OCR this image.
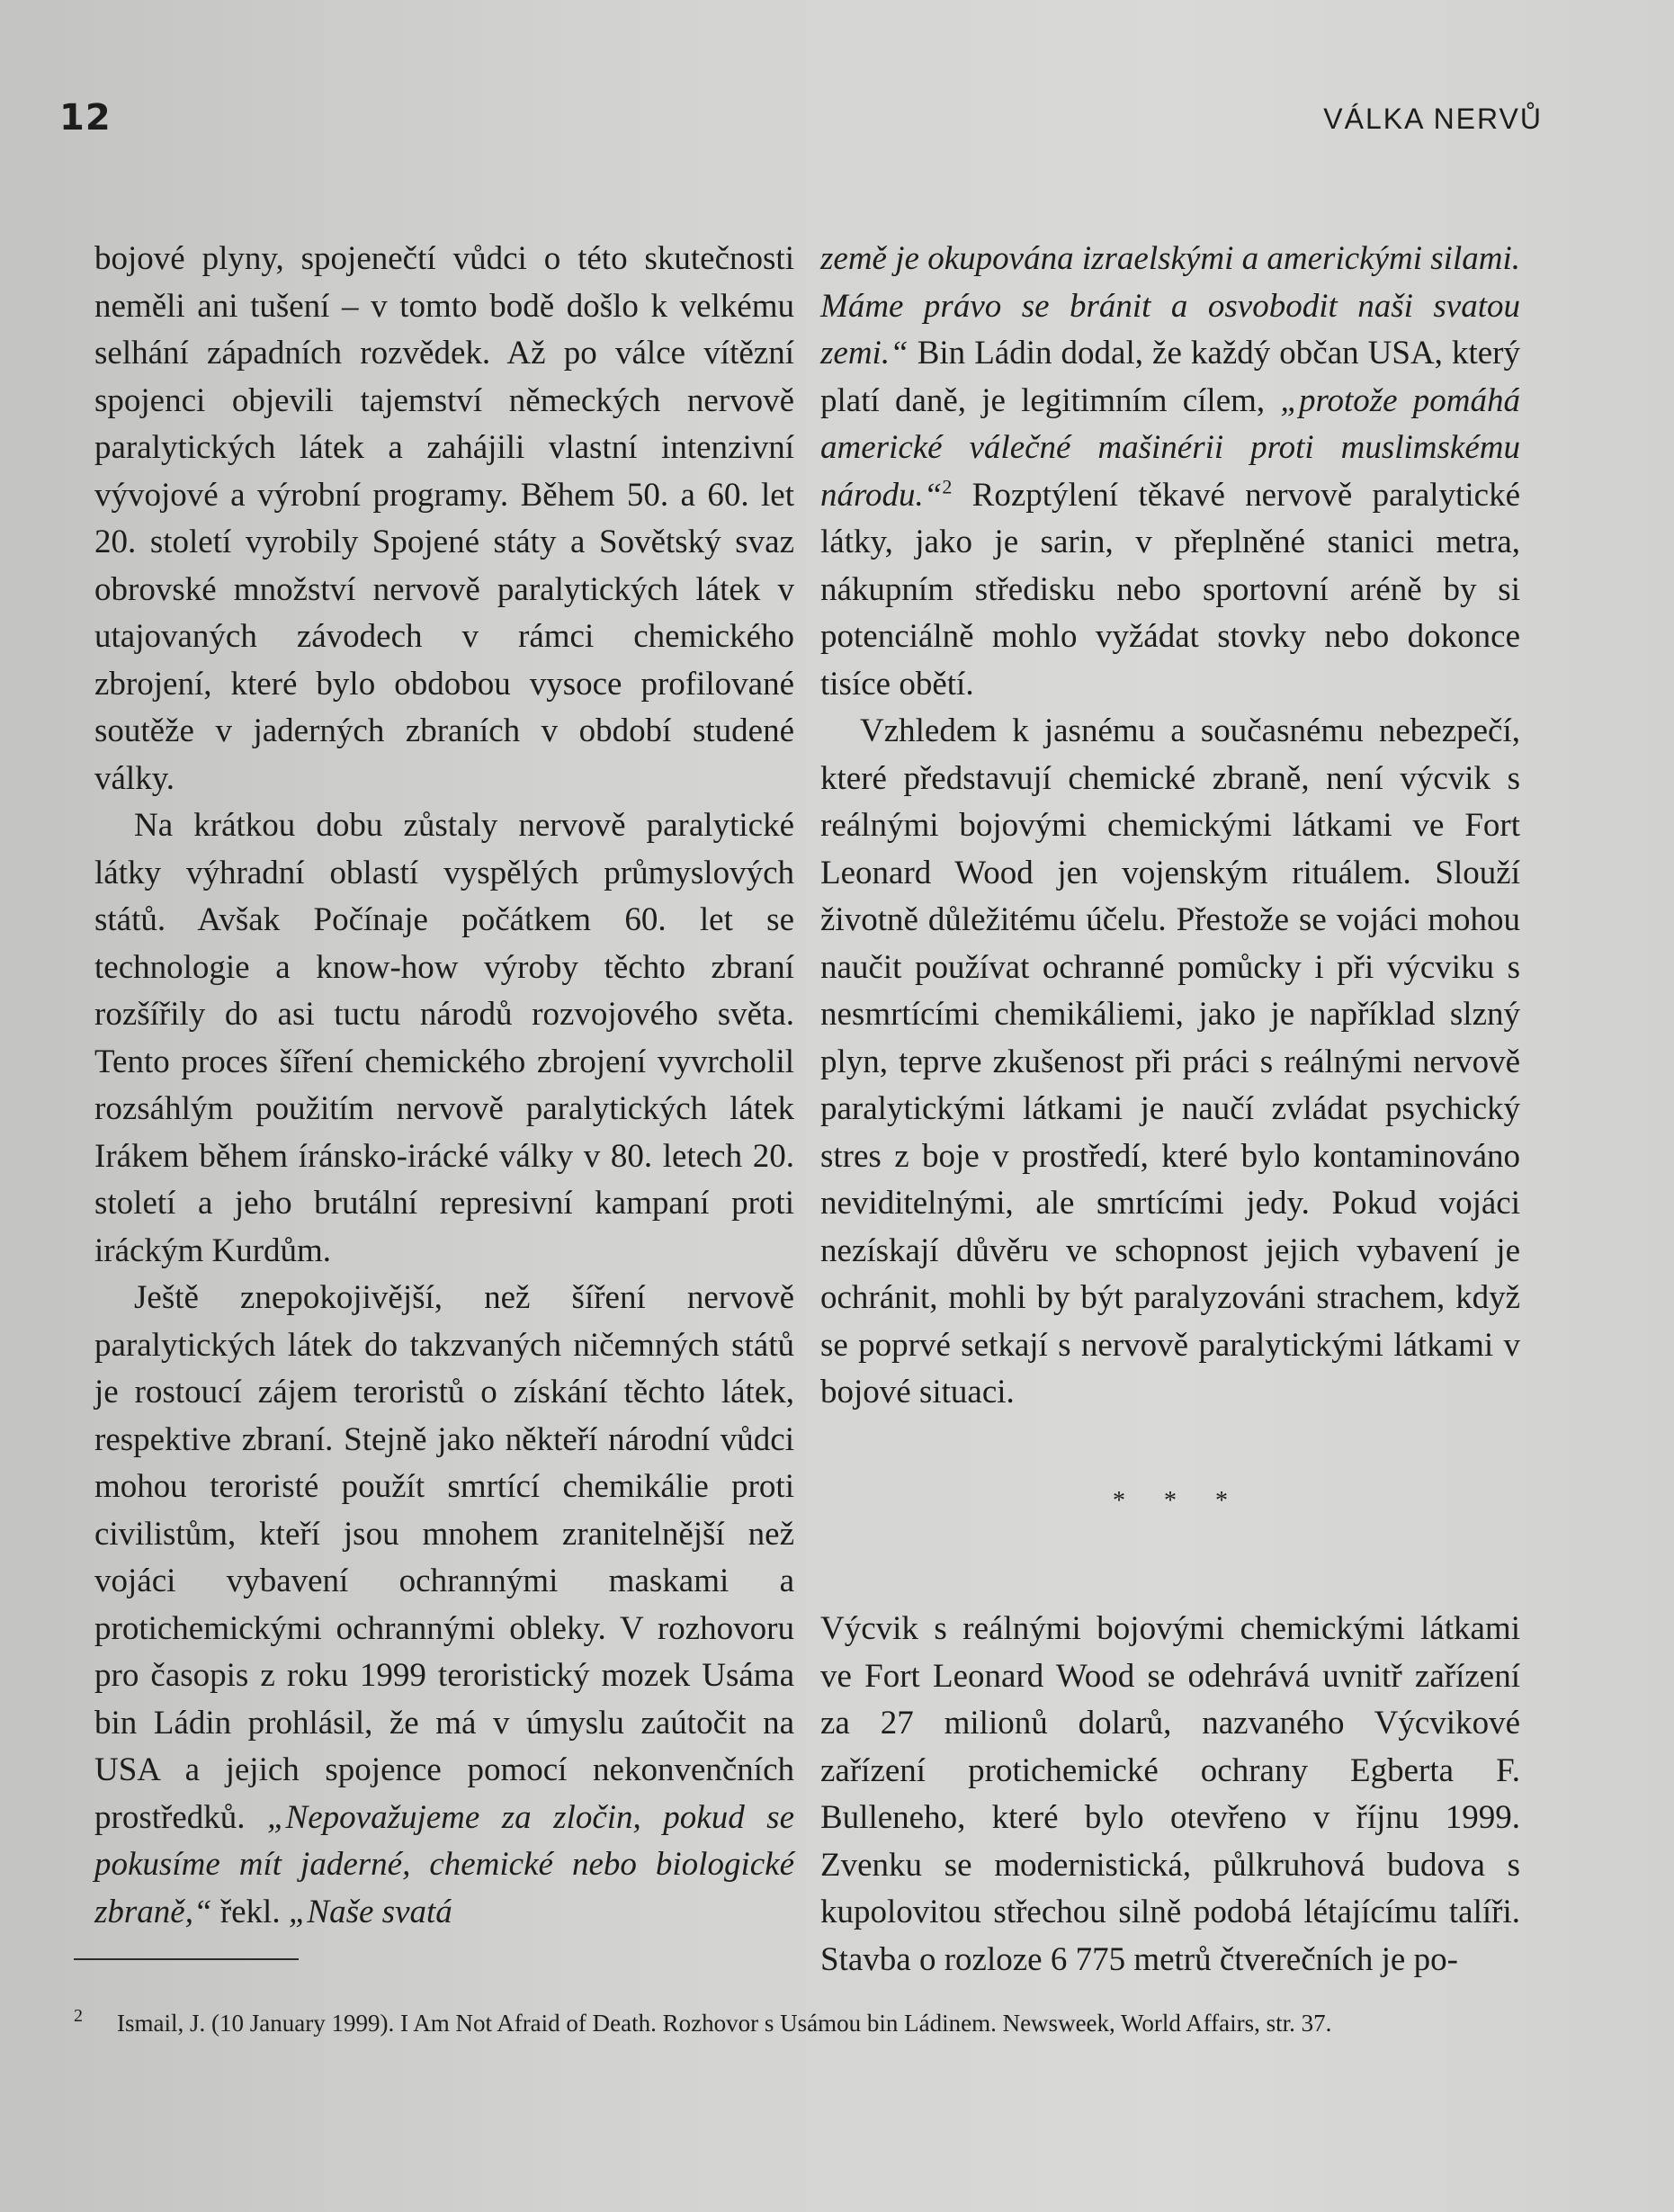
12	VÁLKA NERVŮ

bojové plyny, spojenečtí vůdci o této skutečnosti neměli ani tušení – v tomto bodě došlo k velkému selhání západních rozvědek. Až po válce vítězní spojenci objevili tajemství německých nervově paralytických látek a zahájili vlastní intenzivní vývojové a výrobní programy. Během 50. a 60. let 20. století vyrobily Spojené státy a Sovětský svaz obrovské množství nervově paralytických látek v utajovaných závodech v rámci chemického zbrojení, které bylo obdobou vysoce profilované soutěže v jaderných zbraních v období studené války.

Na krátkou dobu zůstaly nervově paralytické látky výhradní oblastí vyspělých průmyslových států. Avšak Počínaje počátkem 60. let se technologie a know-how výroby těchto zbraní rozšířily do asi tuctu národů rozvojového světa. Tento proces šíření chemického zbrojení vyvrcholil rozsáhlým použitím nervově paralytických látek Irákem během íránsko-irácké války v 80. letech 20. století a jeho brutální represivní kampaní proti iráckým Kurdům.

Ještě znepokojivější, než šíření nervově paralytických látek do takzvaných ničemných států je rostoucí zájem teroristů o získání těchto látek, respektive zbraní. Stejně jako někteří národní vůdci mohou teroristé použít smrtící chemikálie proti civilistům, kteří jsou mnohem zranitelnější než vojáci vybavení ochrannými maskami a protichemickými ochrannými obleky. V rozhovoru pro časopis z roku 1999 teroristický mozek Usáma bin Ládin prohlásil, že má v úmyslu zaútočit na USA a jejich spojence pomocí nekonvenčních prostředků. „Nepovažujeme za zločin, pokud se pokusíme mít jaderné, chemické nebo biologické zbraně,“ řekl. „Naše svatá

země je okupována izraelskými a americkými silami. Máme právo se bránit a osvobodit naši svatou zemi.“ Bin Ládin dodal, že každý občan USA, který platí daně, je legitimním cílem, „protože pomáhá americké válečné mašinérii proti muslimskému národu.“$^2$ Rozptýlení těkavé nervově paralytické látky, jako je sarin, v přeplněné stanici metra, nákupním středisku nebo sportovní aréně by si potenciálně mohlo vyžádat stovky nebo dokonce tisíce obětí.

Vzhledem k jasnému a současnému nebezpečí, které představují chemické zbraně, není výcvik s reálnými bojovými chemickými látkami ve Fort Leonard Wood jen vojenským rituálem. Slouží životně důležitému účelu. Přestože se vojáci mohou naučit používat ochranné pomůcky i při výcviku s nesmrtícími chemikáliemi, jako je například slzný plyn, teprve zkušenost při práci s reálnými nervově paralytickými látkami je naučí zvládat psychický stres z boje v prostředí, které bylo kontaminováno neviditelnými, ale smrtícími jedy. Pokud vojáci nezískají důvěru ve schopnost jejich vybavení je ochránit, mohli by být paralyzováni strachem, když se poprvé setkají s nervově paralytickými látkami v bojové situaci.

* * *

Výcvik s reálnými bojovými chemickými látkami ve Fort Leonard Wood se odehrává uvnitř zařízení za 27 milionů dolarů, nazvaného Výcvikové zařízení protichemické ochrany Egberta F. Bulleneho, které bylo otevřeno v říjnu 1999. Zvenku se modernistická, půlkruhová budova s kupolovitou střechou silně podobá létajícímu talíři. Stavba o rozloze 6 775 metrů čtverečních je po-

2 Ismail, J. (10 January 1999). I Am Not Afraid of Death. Rozhovor s Usámou bin Ládinem. Newsweek, World Affairs, str. 37.
